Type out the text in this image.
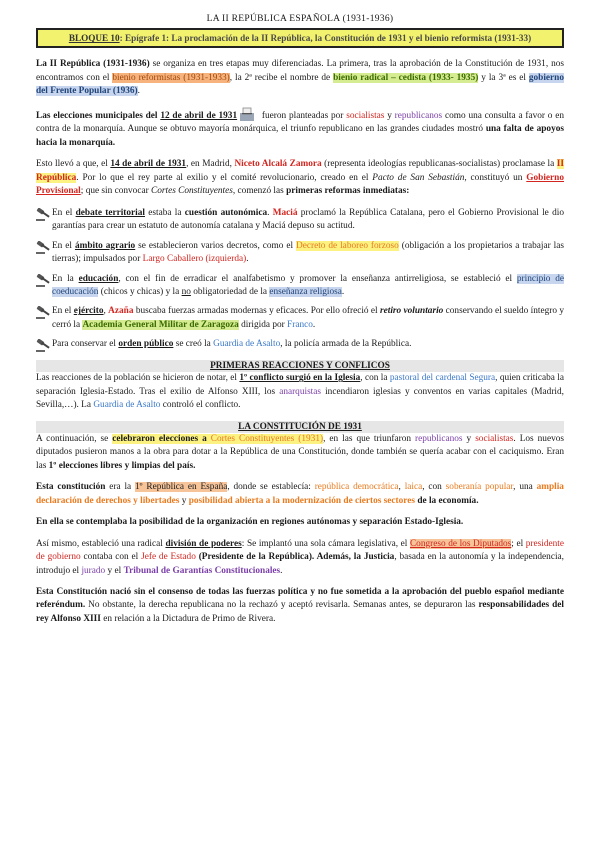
LA II REPÚBLICA ESPAÑOLA (1931-1936)
BLOQUE 10: Epígrafe 1: La proclamación de la II República, la Constitución de 1931 y el bienio reformista (1931-33)

La II República (1931-1936) se organiza en tres etapas muy diferenciadas. La primera, tras la aprobación de la Constitución de 1931, nos encontramos con el bienio reformistas (1931-1933), la 2ª recibe el nombre de bienio radical – cedista (1933- 1935) y la 3ª es el gobierno del Frente Popular (1936).

Las elecciones municipales del 12 de abril de 1931 fueron planteadas por socialistas y republicanos como una consulta a favor o en contra de la monarquía. Aunque se obtuvo mayoría monárquica, el triunfo republicano en las grandes ciudades mostró una falta de apoyos hacia la monarquía.

Esto llevó a que, el 14 de abril de 1931, en Madrid, Niceto Alcalá Zamora (representa ideologías republicanas-socialistas) proclamase la II República. Por lo que el rey parte al exilio y el comité revolucionario, creado en el Pacto de San Sebastián, constituyó un Gobierno Provisional; que sin convocar Cortes Constituyentes, comenzó las primeras reformas inmediatas:

En el debate territorial estaba la cuestión autonómica. Maciá proclamó la República Catalana, pero el Gobierno Provisional le dio garantías para crear un estatuto de autonomía catalana y Maciá depuso su actitud.

En el ámbito agrario se establecieron varios decretos, como el Decreto de laboreo forzoso (obligación a los propietarios a trabajar las tierras); impulsados por Largo Caballero (izquierda).

En la educación, con el fin de erradicar el analfabetismo y promover la enseñanza antirreligiosa, se estableció el principio de coeducación (chicos y chicas) y la no obligatoriedad de la enseñanza religiosa.

En el ejército, Azaña buscaba fuerzas armadas modernas y eficaces. Por ello ofreció el retiro voluntario conservando el sueldo íntegro y cerró la Academia General Militar de Zaragoza dirigida por Franco.

Para conservar el orden público se creó la Guardia de Asalto, la policía armada de la República.

PRIMERAS REACCIONES Y CONFLICOS

Las reacciones de la población se hicieron de notar, el 1º conflicto surgió en la Iglesia, con la pastoral del cardenal Segura, quien criticaba la separación Iglesia-Estado. Tras el exilio de Alfonso XIII, los anarquistas incendiaron iglesias y conventos en varias capitales (Madrid, Sevilla,…). La Guardia de Asalto controló el conflicto.

LA CONSTITUCIÓN DE 1931

A continuación, se celebraron elecciones a Cortes Constituyentes (1931), en las que triunfaron republicanos y socialistas. Los nuevos diputados pusieron manos a la obra para dotar a la República de una Constitución, donde también se quería acabar con el caciquismo. Eran las 1º elecciones libres y limpias del país.

Esta constitución era la 1º República en España, donde se establecía: república democrática, laica, con soberanía popular, una amplia declaración de derechos y libertades y posibilidad abierta a la modernización de ciertos sectores de la economía.

En ella se contemplaba la posibilidad de la organización en regiones autónomas y separación Estado-Iglesia.

Así mismo, estableció una radical división de poderes: Se implantó una sola cámara legislativa, el Congreso de los Diputados; el presidente de gobierno contaba con el Jefe de Estado (Presidente de la República). Además, la Justicia, basada en la autonomía y la independencia, introdujo el jurado y el Tribunal de Garantías Constitucionales.

Esta Constitución nació sin el consenso de todas las fuerzas política y no fue sometida a la aprobación del pueblo español mediante referéndum. No obstante, la derecha republicana no la rechazó y aceptó revisarla. Semanas antes, se depuraron las responsabilidades del rey Alfonso XIII en relación a la Dictadura de Primo de Rivera.
